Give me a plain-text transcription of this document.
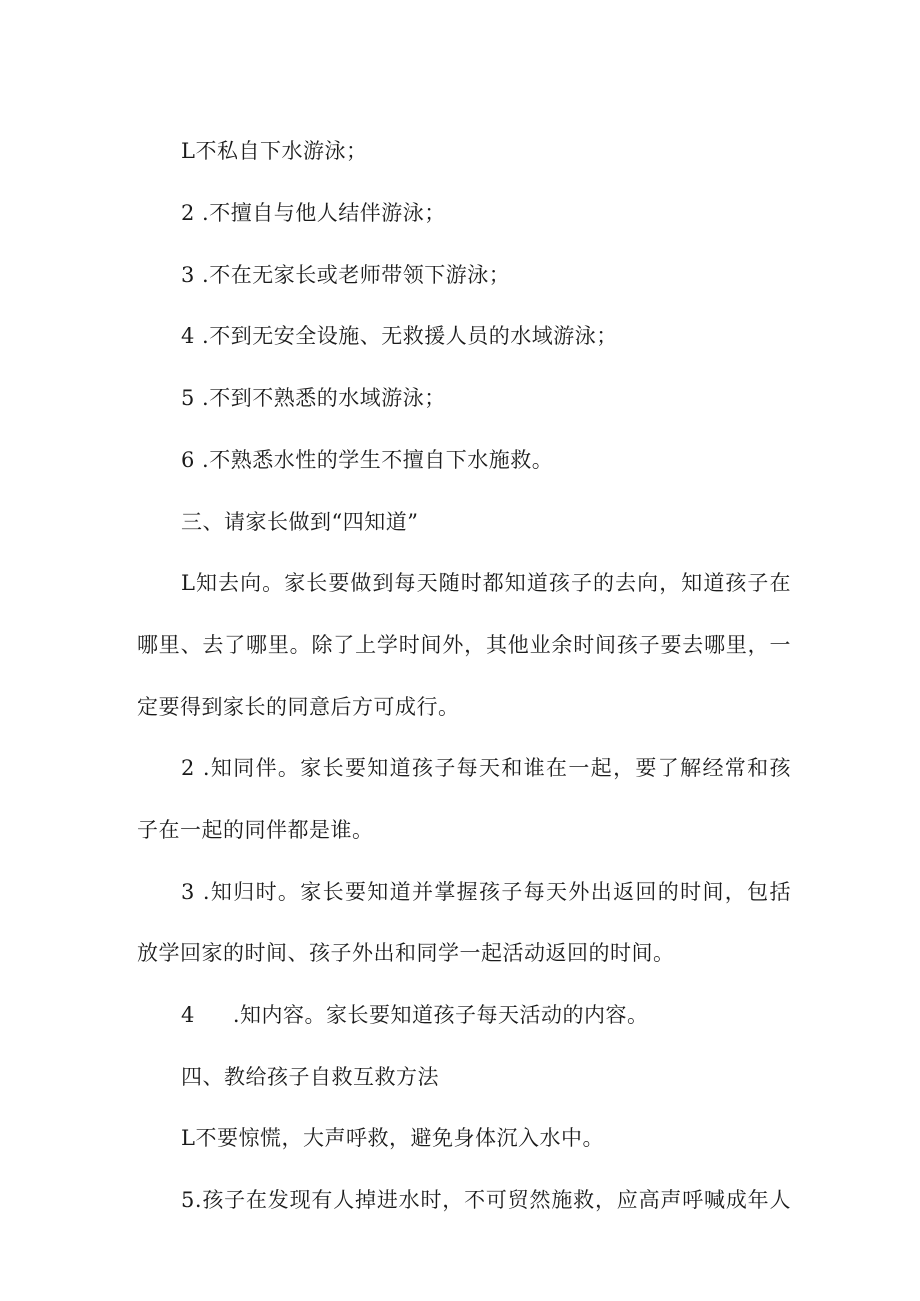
L不私自下水游泳；

2 .不擅自与他人结伴游泳；

3 .不在无家长或老师带领下游泳；

4 .不到无安全设施、无救援人员的水域游泳；

5 .不到不熟悉的水域游泳；

6 .不熟悉水性的学生不擅自下水施救。

三、请家长做到“四知道”

L知去向。家长要做到每天随时都知道孩子的去向，知道孩子在

哪里、去了哪里。除了上学时间外，其他业余时间孩子要去哪里，一

定要得到家长的同意后方可成行。

2 .知同伴。家长要知道孩子每天和谁在一起，要了解经常和孩

子在一起的同伴都是谁。

3 .知归时。家长要知道并掌握孩子每天外出返回的时间，包括

放学回家的时间、孩子外出和同学一起活动返回的时间。

4 .知内容。家长要知道孩子每天活动的内容。

四、教给孩子自救互救方法

L不要惊慌，大声呼救，避免身体沉入水中。

5.孩子在发现有人掉进水时，不可贸然施救，应高声呼喊成年人
